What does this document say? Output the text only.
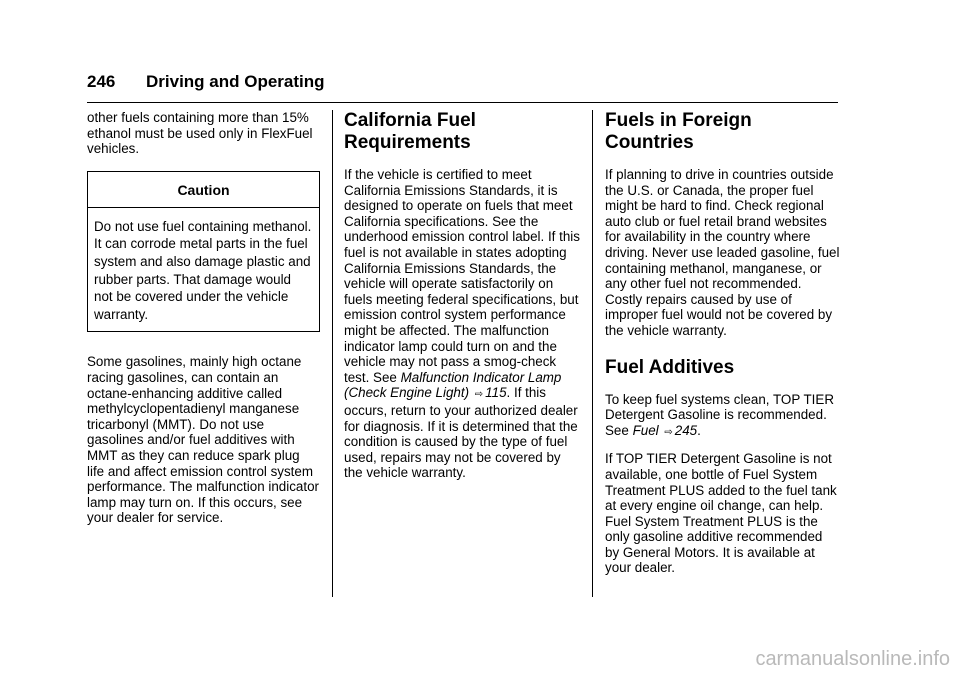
246 Driving and Operating

other fuels containing more than 15% ethanol must be used only in FlexFuel vehicles.

Caution
Do not use fuel containing methanol. It can corrode metal parts in the fuel system and also damage plastic and rubber parts. That damage would not be covered under the vehicle warranty.

Some gasolines, mainly high octane racing gasolines, can contain an octane-enhancing additive called methylcyclopentadienyl manganese tricarbonyl (MMT). Do not use gasolines and/or fuel additives with MMT as they can reduce spark plug life and affect emission control system performance. The malfunction indicator lamp may turn on. If this occurs, see your dealer for service.

California Fuel Requirements

If the vehicle is certified to meet California Emissions Standards, it is designed to operate on fuels that meet California specifications. See the underhood emission control label. If this fuel is not available in states adopting California Emissions Standards, the vehicle will operate satisfactorily on fuels meeting federal specifications, but emission control system performance might be affected. The malfunction indicator lamp could turn on and the vehicle may not pass a smog-check test. See Malfunction Indicator Lamp (Check Engine Light) ⇨ 115. If this occurs, return to your authorized dealer for diagnosis. If it is determined that the condition is caused by the type of fuel used, repairs may not be covered by the vehicle warranty.

Fuels in Foreign Countries

If planning to drive in countries outside the U.S. or Canada, the proper fuel might be hard to find. Check regional auto club or fuel retail brand websites for availability in the country where driving. Never use leaded gasoline, fuel containing methanol, manganese, or any other fuel not recommended. Costly repairs caused by use of improper fuel would not be covered by the vehicle warranty.

Fuel Additives

To keep fuel systems clean, TOP TIER Detergent Gasoline is recommended. See Fuel ⇨ 245.

If TOP TIER Detergent Gasoline is not available, one bottle of Fuel System Treatment PLUS added to the fuel tank at every engine oil change, can help. Fuel System Treatment PLUS is the only gasoline additive recommended by General Motors. It is available at your dealer.

carmanualsonline.info
